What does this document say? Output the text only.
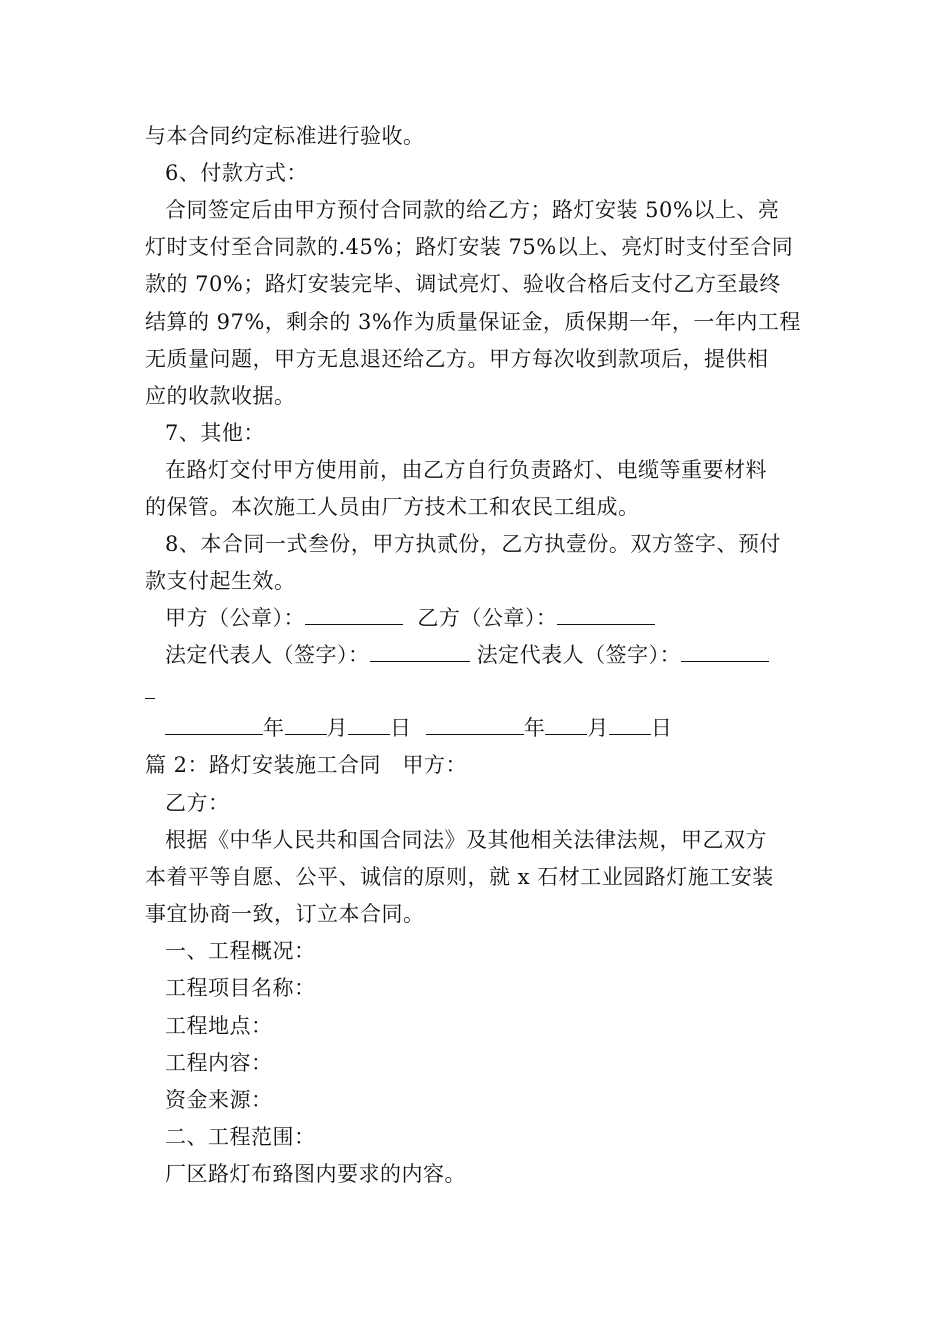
与本合同约定标准进行验收。
6、付款方式：
合同签定后由甲方预付合同款的给乙方；路灯安装 50%以上、亮
灯时支付至合同款的.45%；路灯安装 75%以上、亮灯时支付至合同
款的 70%；路灯安装完毕、调试亮灯、验收合格后支付乙方至最终
结算的 97%，剩余的 3%作为质量保证金，质保期一年，一年内工程
无质量问题，甲方无息退还给乙方。甲方每次收到款项后，提供相
应的收款收据。
7、其他：
在路灯交付甲方使用前，由乙方自行负责路灯、电缆等重要材料
的保管。本次施工人员由厂方技术工和农民工组成。
8、本合同一式叁份，甲方执贰份，乙方执壹份。双方签字、预付
款支付起生效。
甲方（公章）：	乙方（公章）：
法定代表人（签字）：	法定代表人（签字）：
年 月 日	年 月 日
篇 2：路灯安装施工合同　甲方：
乙方：
根据《中华人民共和国合同法》及其他相关法律法规，甲乙双方
本着平等自愿、公平、诚信的原则，就 x 石材工业园路灯施工安装
事宜协商一致，订立本合同。
一、工程概况：
工程项目名称：
工程地点：
工程内容：
资金来源：
二、工程范围：
厂区路灯布臵图内要求的内容。
